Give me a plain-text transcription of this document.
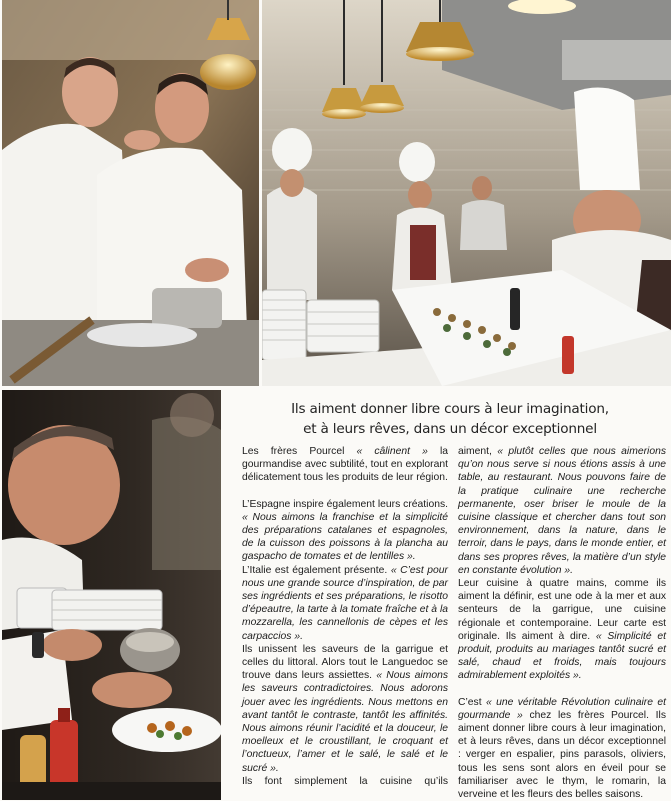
Ils aiment donner libre cours à leur imagination,
et à leurs rêves, dans un décor exceptionnel

Les frères Pourcel « câlinent » la gourmandise avec subtilité, tout en explorant délicatement tous les produits de leur région.

L’Espagne inspire également leurs créations. « Nous aimons la franchise et la simplicité des préparations catalanes et espagnoles, de la cuisson des poissons à la plancha au gaspacho de tomates et de lentilles ».

L’Italie est également présente. « C’est pour nous une grande source d’inspiration, de par ses ingrédients et ses préparations, le risotto d’épeautre, la tarte à la tomate fraîche et à la mozzarella, les cannellonis de cèpes et les carpaccios ».

Ils unissent les saveurs de la garrigue et celles du littoral. Alors tout le Languedoc se trouve dans leurs assiettes. « Nous aimons les saveurs contradictoires. Nous adorons jouer avec les ingrédients. Nous mettons en avant tantôt le contraste, tantôt les affinités. Nous aimons réunir l’acidité et la douceur, le moelleux et le croustillant, le croquant et l’onctueux, l’amer et le salé, le salé et le sucré ».

Ils font simplement la cuisine qu’ils

aiment, « plutôt celles que nous aimerions qu’on nous serve si nous étions assis à une table, au restaurant. Nous pouvons faire de la pratique culinaire une recherche permanente, oser briser le moule de la cuisine classique et chercher dans tout son environnement, dans la nature, dans le terroir, dans le pays, dans le monde entier, et dans ses propres rêves, la matière d’un style en constante évolution ».

Leur cuisine à quatre mains, comme ils aiment la définir, est une ode à la mer et aux senteurs de la garrigue, une cuisine régionale et contemporaine. Leur carte est originale. Ils aiment à dire. « Simplicité et produit, produits au mariages tantôt sucré et salé, chaud et froids, mais toujours admirablement exploités ».

C’est « une véritable Révolution culinaire et gourmande » chez les frères Pourcel. Ils aiment donner libre cours à leur imagination, et à leurs rêves, dans un décor exceptionnel : verger en espalier, pins parasols, oliviers, tous les sens sont alors en éveil pour se familiariser avec le thym, le romarin, la verveine et les fleurs des belles saisons.
